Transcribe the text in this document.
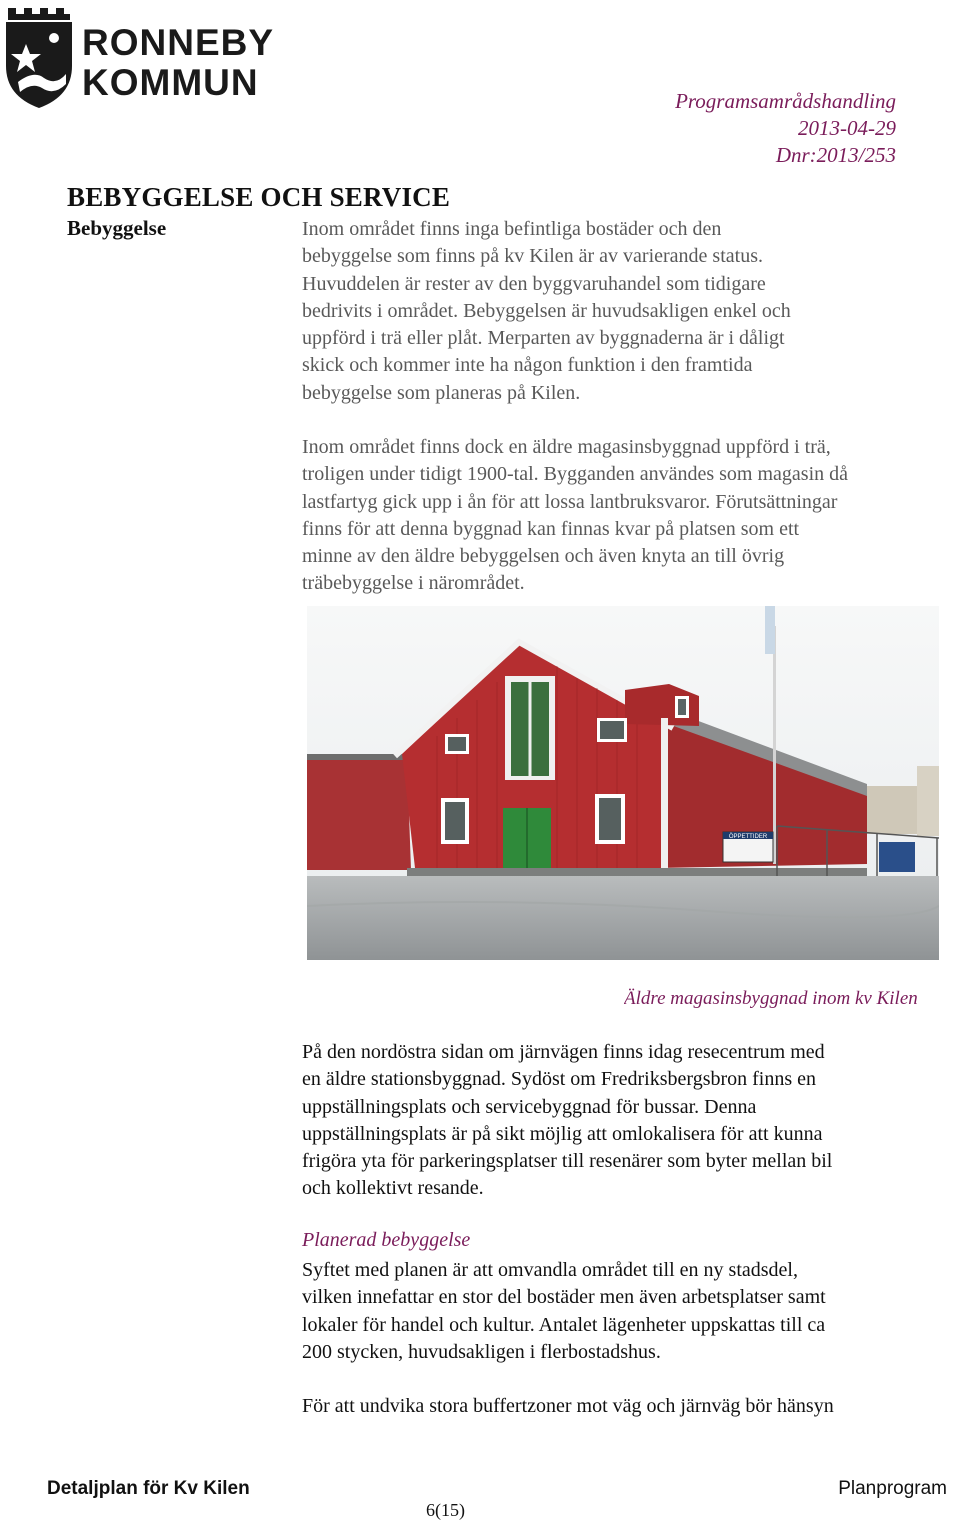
RONNEBY
KOMMUN	Programsamrådshandling
2013-04-29
Dnr:2013/253
BEBYGGELSE OCH SERVICE
Bebyggelse	Inom området finns inga befintliga bostäder och den
bebyggelse som finns på kv Kilen är av varierande status.
Huvuddelen är rester av den byggvaruhandel som tidigare
bedrivits i området. Bebyggelsen är huvudsakligen enkel och
uppförd i trä eller plåt. Merparten av byggnaderna är i dåligt
skick och kommer inte ha någon funktion i den framtida
bebyggelse som planeras på Kilen.
Inom området finns dock en äldre magasinsbyggnad uppförd i trä,
troligen under tidigt 1900-tal. Bygganden användes som magasin då
lastfartyg gick upp i ån för att lossa lantbruksvaror. Förutsättningar
finns för att denna byggnad kan finnas kvar på platsen som ett
minne av den äldre bebyggelsen och även knyta an till övrig
träbebyggelse i närområdet.
ÖPPETTIDER
Äldre magasinsbyggnad inom kv Kilen
På den nordöstra sidan om järnvägen finns idag resecentrum med
en äldre stationsbyggnad. Sydöst om Fredriksbergsbron finns en
uppställningsplats och servicebyggnad för bussar. Denna
uppställningsplats är på sikt möjlig att omlokalisera för att kunna
frigöra yta för parkeringsplatser till resenärer som byter mellan bil
och kollektivt resande.
Planerad bebyggelse
Syftet med planen är att omvandla området till en ny stadsdel,
vilken innefattar en stor del bostäder men även arbetsplatser samt
lokaler för handel och kultur. Antalet lägenheter uppskattas till ca
200 stycken, huvudsakligen i flerbostadshus.
För att undvika stora buffertzoner mot väg och järnväg bör hänsyn
Detaljplan för Kv Kilen	Planprogram
6(15)
